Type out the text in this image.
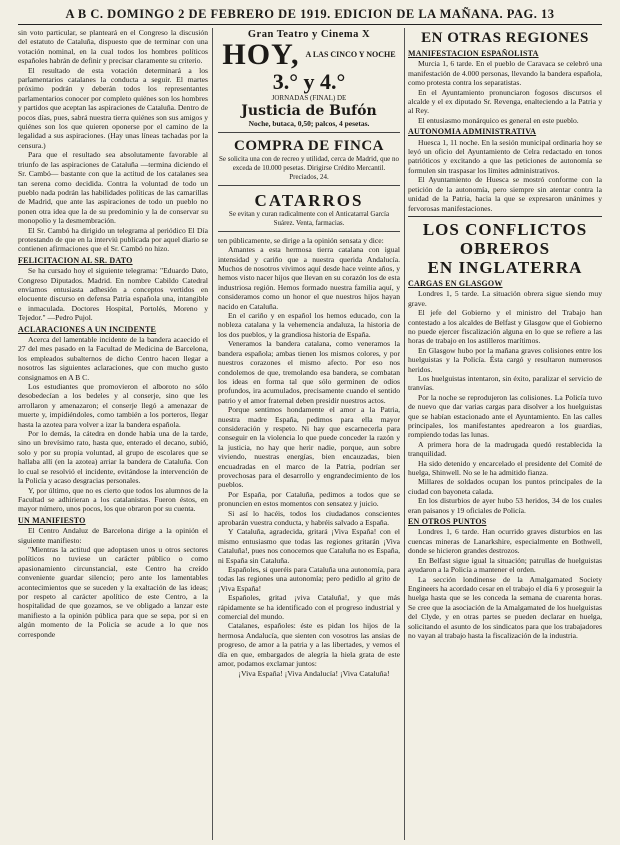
A B C. DOMINGO 2 DE FEBRERO DE 1919. EDICION DE LA MAÑANA. PAG. 13

sin voto particular, se planteará en el Congreso la discusión del estatuto de Cataluña, dispuesto que de terminar con una votación nominal, en la cual todos los hombres políticos españoles habrán de definir y precisar claramente su criterio.

El resultado de esta votación determinará a los parlamentarios catalanes la conducta a seguir. El martes próximo podrán y deberán todos los representantes parlamentarios conocer por completo quiénes son los hombres y partidos que aceptan las aspiraciones de Cataluña. Dentro de pocos días, pues, sabrá nuestra tierra quiénes son sus amigos y quiénes son los que quieren oponerse por el camino de la legalidad a sus aspiraciones. (Hay unas líneas tachadas por la censura.)

Para que el resultado sea absolutamente favorable al triunfo de las aspiraciones de Cataluña —termina diciendo el Sr. Cambó— bastante con que la actitud de los catalanes sea tan serena como decidida. Contra la voluntad de todo un pueblo nada podrán las habilidades políticas de las camarillas de Madrid, que ante las aspiraciones de todo un pueblo no ponen otra idea que la de su predominio y la de conservar su monopolio y la desmembración.

El Sr. Cambó ha dirigido un telegrama al periódico El Día protestando de que en la interviú publicada por aquel diario se contienen afirmaciones que el Sr. Cambó no hizo.

FELICITACION AL SR. DATO

Se ha cursado hoy el siguiente telegrama: "Eduardo Dato, Congreso Diputados. Madrid. En nombre Cabildo Catedral envíamos entusiasta adhesión a conceptos vertidos en elocuente discurso en defensa Patria española una, intangible e inmaculada. Doctores Hospital, Portolés, Moreno y Tejedor." —Pedro Pujol.

ACLARACIONES A UN INCIDENTE

Acerca del lamentable incidente de la bandera acaecido el 27 del mes pasado en la Facultad de Medicina de Barcelona, los empleados subalternos de dicho Centro hacen llegar a nosotros las siguientes aclaraciones, que con mucho gusto consignamos en A B C.

Los estudiantes que promovieron el alboroto no sólo desobedecían a los bedeles y al conserje, sino que les arrollaron y amenazaron; el conserje llegó a amenazar de muerte y, impidiéndoles, como también a los porteros, llegar hasta la azotea para volver a izar la bandera española.

Por lo demás, la cátedra en donde había una de la tarde, sino un brevísimo rato, hasta que, enterado el decano, subió, solo y por su propia voluntad, al grupo de escolares que se hallaba allí (en la azotea) arriar la bandera de Cataluña. Con lo cual se resolvió el incidente, evitándose la intervención de la Policía y acaso desgracias personales.

Y, por último, que no es cierto que todos los alumnos de la Facultad se adhirieran a los catalanistas. Fueron éstos, en mayor número, unos pocos, los que obraron por su cuenta.

UN MANIFIESTO

El Centro Andaluz de Barcelona dirige a la opinión el siguiente manifiesto:

"Mientras la actitud que adoptasen unos u otros sectores políticos no tuviese un carácter público o como apasionamiento circunstancial, este Centro ha creído conveniente guardar silencio; pero ante los lamentables acontecimientos que se suceden y la exaltación de las ideas; por respeto al carácter apolítico de este Centro, a la hospitalidad de que gozamos, se ve obligado a lanzar este manifiesto a la opinión pública para que se sepa, por si en algún momento de la Policía se acude a lo que nos corresponde

Gran Teatro y Cinema X
HOY, A LAS CINCO Y NOCHE
3.° y 4.°
JORNADAS (FINAL) DE
Justicia de Bufón
Noche, butaca, 0,50; palcos, 4 pesetas.
COMPRA DE FINCA
Se solicita una con de recreo y utilidad, cerca de Madrid, que no exceda de 10.000 pesetas. Dirigirse Crédito Mercantil. Preciados, 24.
CATARROS
Se evitan y curan radicalmente con el Anticatarral García Suárez. Venta, farmacias.

ten públicamente, se dirige a la opinión sensata y dice:

Amantes a esta hermosa tierra catalana con igual intensidad y cariño que a nuestra querida Andalucía. Muchos de nosotros vivimos aquí desde hace veinte años, y hemos visto nacer hijos que llevan en su corazón los de esta industriosa región. Hemos formado nuestra familia aquí, y consideramos como un honor el que nuestros hijos hayan nacido en Cataluña.

En el cariño y en español los hemos educado, con la nobleza catalana y la vehemencia andaluza, la historia de los dos pueblos, y la grandiosa historia de España.

Veneramos la bandera catalana, como veneramos la bandera española; ambas tienen los mismos colores, y por nuestros corazones el mismo afecto. Por eso nos condolemos de que, tremolando esa bandera, se combatan los ideas en forma tal que sólo germinen de odios profundos, ira acumulados, precisamente cuando el sentido patrio y el amor fraternal deben presidir nuestros actos.

Porque sentimos hondamente el amor a la Patria, nuestra madre España, pedimos para ella mayor consideración y respeto. Ni hay que escarnecerla para conseguir en la violencia lo que puede conceder la razón y la justicia, no hay que herir nadie, porque, aun sobre viviendo, nuestras energías, bien encauzadas, bien encuadradas en el marco de la Patria, podrían ser provechosas para el desarrollo y engrandecimiento de los pueblos.

Por España, por Cataluña, pedimos a todos que se pronuncien en estos momentos con sensatez y juicio.

Si así lo hacéis, todos los ciudadanos conscientes aprobarán vuestra conducta, y habréis salvado a España.

Y Cataluña, agradecida, gritará ¡Viva España! con el mismo entusiasmo que todas las regiones gritarán ¡Viva Cataluña!, pues nos conocemos que Cataluña no es España, ni España sin Cataluña.

Españoles, si queréis para Cataluña una autonomía, para todas las regiones una autonomía; pero pedidlo al grito de ¡Viva España!

Españoles, gritad ¡viva Cataluña!, y que más rápidamente se ha identificado con el progreso industrial y comercial del mundo.

Catalanes, españoles: éste es pidan los hijos de la hermosa Andalucía, que sienten con vosotros las ansias de progreso, de amor a la patria y a las libertades, y vemos el día en que, embargados de alegría la hiela grata de este amor, podamos exclamar juntos:

¡Viva España! ¡Viva Andalucía! ¡Viva Cataluña!

EN OTRAS REGIONES
MANIFESTACION ESPAÑOLISTA

Murcia 1, 6 tarde. En el pueblo de Caravaca se celebró una manifestación de 4.000 personas, llevando la bandera española, como protesta contra los separatistas.

En el Ayuntamiento pronunciaron fogosos discursos el alcalde y el ex diputado Sr. Revenga, enalteciendo a la Patria y al Rey.

El entusiasmo monárquico es general en este pueblo.

AUTONOMIA ADMINISTRATIVA

Huesca 1, 11 noche. En la sesión municipal ordinaria hoy se leyó un oficio del Ayuntamiento de Celra redactado en tonos patrióticos y excitando a que las peticiones de autonomía se formulen sin traspasar los límites administrativos.

El Ayuntamiento de Huesca se mostró conforme con la petición de la autonomía, pero siempre sin atentar contra la unidad de la Patria, hacia la que se expresaron unánimes y fervorosas manifestaciones.

LOS CONFLICTOS
OBREROS
EN INGLATERRA
CARGAS EN GLASGOW

Londres 1, 5 tarde. La situación obrera sigue siendo muy grave.

El jefe del Gobierno y el ministro del Trabajo han contestado a los alcaldes de Belfast y Glasgow que el Gobierno no puede ejercer fiscalización alguna en lo que se refiere a las horas de trabajo en los astilleros marítimos.

En Glasgow hubo por la mañana graves colisiones entre los huelguistas y la Policía. Ésta cargó y resultaron numerosos heridos.

Los huelguistas intentaron, sin éxito, paralizar el servicio de tranvías.

Por la noche se reprodujeron las colisiones. La Policía tuvo de nuevo que dar varias cargas para disolver a los huelguistas que se habían estacionado ante el Ayuntamiento. En las calles principales, los manifestantes apedrearon a los guardias, rompiendo todas las lunas.

A primera hora de la madrugada quedó restablecida la tranquilidad.

Ha sido detenido y encarcelado el presidente del Comité de huelga, Shinwell. No se le ha admitido fianza.

Millares de soldados ocupan los puntos principales de la ciudad con bayoneta calada.

En los disturbios de ayer hubo 53 heridos, 34 de los cuales eran paisanos y 19 oficiales de Policía.

EN OTROS PUNTOS

Londres 1, 6 tarde. Han ocurrido graves disturbios en las cuencas mineras de Lanarkshire, especialmente en Bothwell, donde se hicieron grandes destrozos.

En Belfast sigue igual la situación; patrullas de huelguistas ayudaron a la Policía a mantener el orden.

La sección londinense de la Amalgamated Society Engineers ha acordado cesar en el trabajo el día 6 y proseguir la huelga hasta que se les conceda la semana de cuarenta horas. Se cree que la asociación de la Amalgamated de los huelguistas del Clyde, y en otras partes se pueden declarar en huelga, solicitando el asunto de los sindicatos para que los trabajadores no vayan al trabajo hasta la fiscalización de la industria.
